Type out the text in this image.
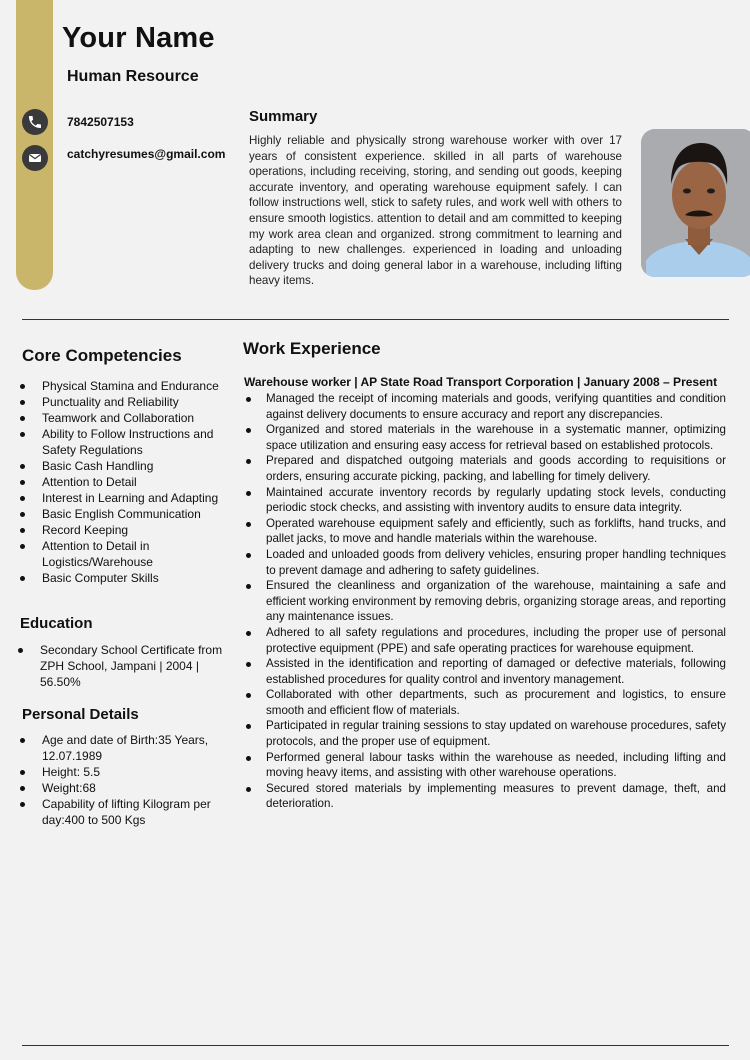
Your Name
Human Resource
7842507153
catchyresumes@gmail.com
Summary

Highly reliable and physically strong warehouse worker with over 17 years of consistent experience. skilled in all parts of warehouse operations, including receiving, storing, and sending out goods, keeping accurate inventory, and operating warehouse equipment safely. I can follow instructions well, stick to safety rules, and work well with others to ensure smooth logistics. attention to detail and am committed to keeping my work area clean and organized. strong commitment to learning and adapting to new challenges. experienced in loading and unloading delivery trucks and doing general labor in a warehouse, including lifting heavy items.

Core Competencies
Physical Stamina and Endurance
Punctuality and Reliability
Teamwork and Collaboration
Ability to Follow Instructions and Safety Regulations
Basic Cash Handling
Attention to Detail
Interest in Learning and Adapting
Basic English Communication
Record Keeping
Attention to Detail in Logistics/Warehouse
Basic Computer Skills
Education
Secondary School Certificate from ZPH School, Jampani | 2004 | 56.50%
Personal Details
Age and date of Birth:35 Years, 12.07.1989
Height: 5.5
Weight:68
Capability of lifting Kilogram per day:400 to 500 Kgs
Work Experience

Warehouse worker | AP State Road Transport Corporation | January 2008 – Present

Managed the receipt of incoming materials and goods, verifying quantities and condition against delivery documents to ensure accuracy and report any discrepancies.
Organized and stored materials in the warehouse in a systematic manner, optimizing space utilization and ensuring easy access for retrieval based on established protocols.
Prepared and dispatched outgoing materials and goods according to requisitions or orders, ensuring accurate picking, packing, and labelling for timely delivery.
Maintained accurate inventory records by regularly updating stock levels, conducting periodic stock checks, and assisting with inventory audits to ensure data integrity.
Operated warehouse equipment safely and efficiently, such as forklifts, hand trucks, and pallet jacks, to move and handle materials within the warehouse.
Loaded and unloaded goods from delivery vehicles, ensuring proper handling techniques to prevent damage and adhering to safety guidelines.
Ensured the cleanliness and organization of the warehouse, maintaining a safe and efficient working environment by removing debris, organizing storage areas, and reporting any maintenance issues.
Adhered to all safety regulations and procedures, including the proper use of personal protective equipment (PPE) and safe operating practices for warehouse equipment.
Assisted in the identification and reporting of damaged or defective materials, following established procedures for quality control and inventory management.
Collaborated with other departments, such as procurement and logistics, to ensure smooth and efficient flow of materials.
Participated in regular training sessions to stay updated on warehouse procedures, safety protocols, and the proper use of equipment.
Performed general labour tasks within the warehouse as needed, including lifting and moving heavy items, and assisting with other warehouse operations.
Secured stored materials by implementing measures to prevent damage, theft, and deterioration.
